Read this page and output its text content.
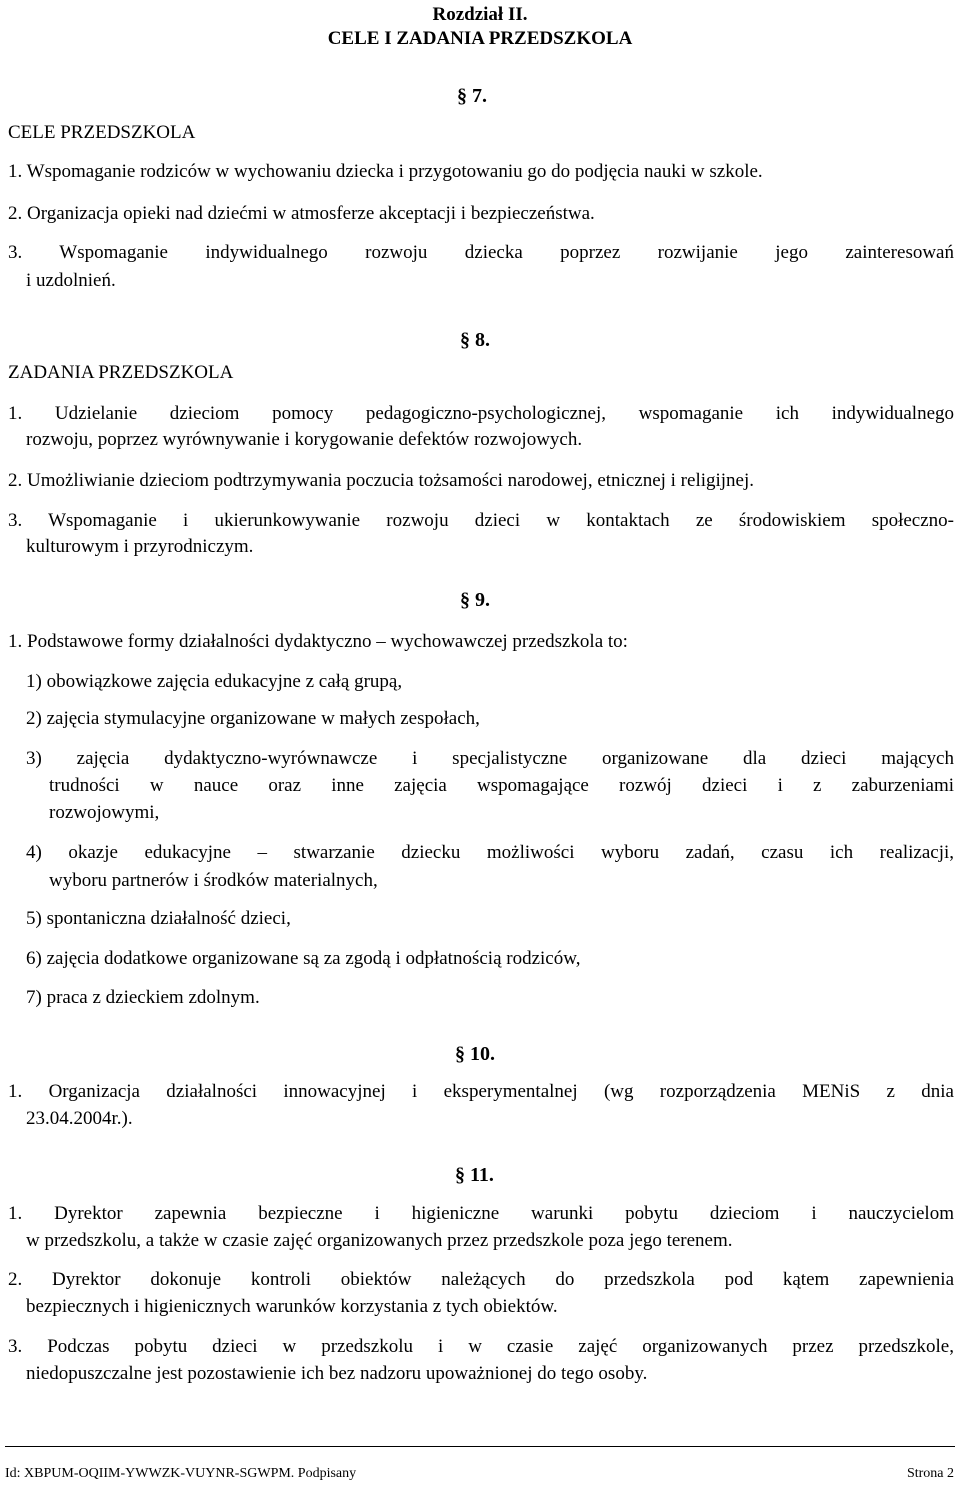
Rozdział II.
CELE I ZADANIA PRZEDSZKOLA
§ 7.
CELE PRZEDSZKOLA
1. Wspomaganie rodziców w wychowaniu dziecka i przygotowaniu go do podjęcia nauki w szkole.
2. Organizacja opieki nad dziećmi w atmosferze akceptacji i bezpieczeństwa.
3. Wspomaganie indywidualnego rozwoju dziecka poprzez rozwijanie jego zainteresowań
i uzdolnień.
§ 8.
ZADANIA PRZEDSZKOLA
1. Udzielanie dzieciom pomocy pedagogiczno-psychologicznej, wspomaganie ich indywidualnego
rozwoju, poprzez wyrównywanie i korygowanie defektów rozwojowych.
2. Umożliwianie dzieciom podtrzymywania poczucia tożsamości narodowej, etnicznej i religijnej.
3. Wspomaganie i ukierunkowywanie rozwoju dzieci w kontaktach ze środowiskiem społeczno-
kulturowym i przyrodniczym.
§ 9.
1. Podstawowe formy działalności dydaktyczno – wychowawczej przedszkola to:
1) obowiązkowe zajęcia edukacyjne z całą grupą,
2) zajęcia stymulacyjne organizowane w małych zespołach,
3) zajęcia dydaktyczno-wyrównawcze i specjalistyczne organizowane dla dzieci mających
trudności w nauce oraz inne zajęcia wspomagające rozwój dzieci i z zaburzeniami
rozwojowymi,
4) okazje edukacyjne – stwarzanie dziecku możliwości wyboru zadań, czasu ich realizacji,
wyboru partnerów i środków materialnych,
5) spontaniczna działalność dzieci,
6) zajęcia dodatkowe organizowane są za zgodą i odpłatnością rodziców,
7) praca z dzieckiem zdolnym.
§ 10.
1. Organizacja działalności innowacyjnej i eksperymentalnej (wg rozporządzenia MENiS z dnia
23.04.2004r.).
§ 11.
1. Dyrektor zapewnia bezpieczne i higieniczne warunki pobytu dzieciom i nauczycielom
w przedszkolu, a także w czasie zajęć organizowanych przez przedszkole poza jego terenem.
2. Dyrektor dokonuje kontroli obiektów należących do przedszkola pod kątem zapewnienia
bezpiecznych i higienicznych warunków korzystania z tych obiektów.
3. Podczas pobytu dzieci w przedszkolu i w czasie zajęć organizowanych przez przedszkole,
niedopuszczalne jest pozostawienie ich bez nadzoru upoważnionej do tego osoby.
Id: XBPUM-OQIIM-YWWZK-VUYNR-SGWPM. Podpisany	Strona 2
